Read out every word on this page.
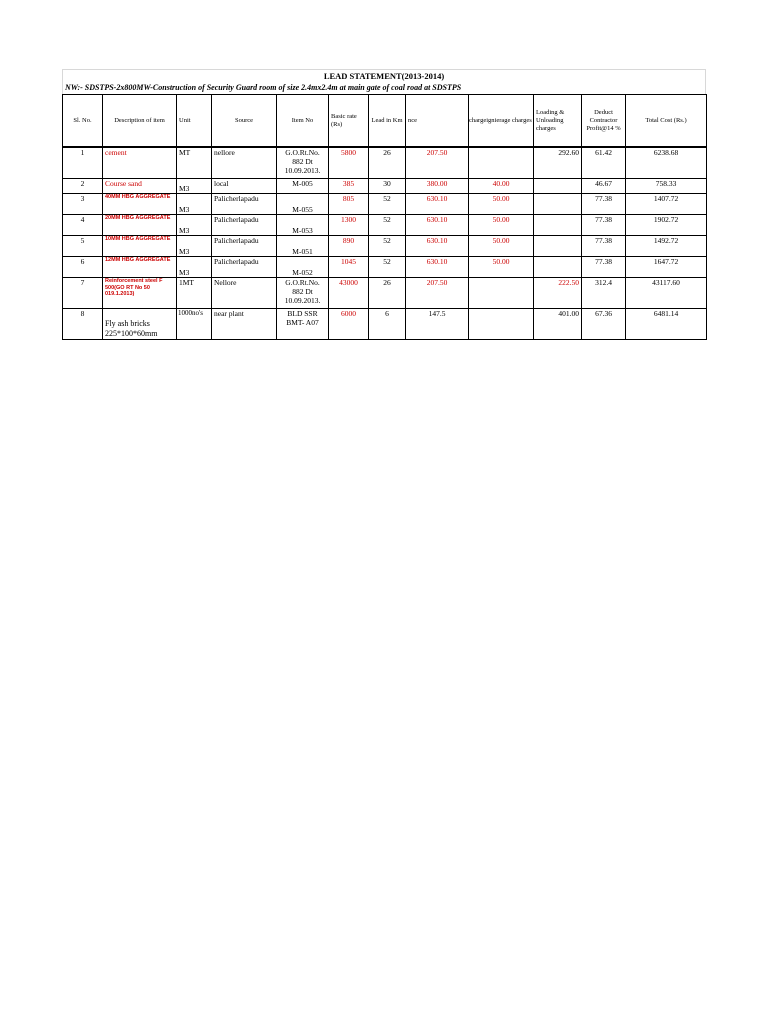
LEAD STATEMENT(2013-2014)
NW:- SDSTPS-2x800MW-Construction of Security Guard room of size 2.4mx2.4m at main gate of coal road at SDSTPS
Sl. No.	Description of item	Unit	Source	Item No	Basic rate (Rs)	Lead in Km	nce	chargeignierage charges	Loading & Unloading charges	Deduct Contractor Profit@14 %	Total Cost (Rs.)
1	cement	MT	nellore	G.O.Rt.No. 882 Dt 10.09.2013.	5800	26	207.50		292.60	61.42	6238.68
2	Course sand	M3	local	M-005	385	30	380.00	40.00		46.67	758.33
3	40MM HBG AGGREGATE	M3	Palicherlapadu	M-055	805	52	630.10	50.00		77.38	1407.72
4	20MM HBG AGGREGATE	M3	Palicherlapadu	M-053	1300	52	630.10	50.00		77.38	1902.72
5	10MM HBG AGGREGATE	M3	Palicherlapadu	M-051	890	52	630.10	50.00		77.38	1492.72
6	12MM HBG AGGREGATE	M3	Palicherlapadu	M-052	1045	52	630.10	50.00		77.38	1647.72
7	Reinforcement steel F 500(GO RT No 50 019.1.2013)	1MT	Nellore	G.O.Rt.No. 882 Dt 10.09.2013.	43000	26	207.50		222.50	312.4	43117.60
8	Fly ash bricks 225*100*60mm	1000no's	near plant	BLD SSR BMT- A07	6000	6	147.5		401.00	67.36	6481.14
